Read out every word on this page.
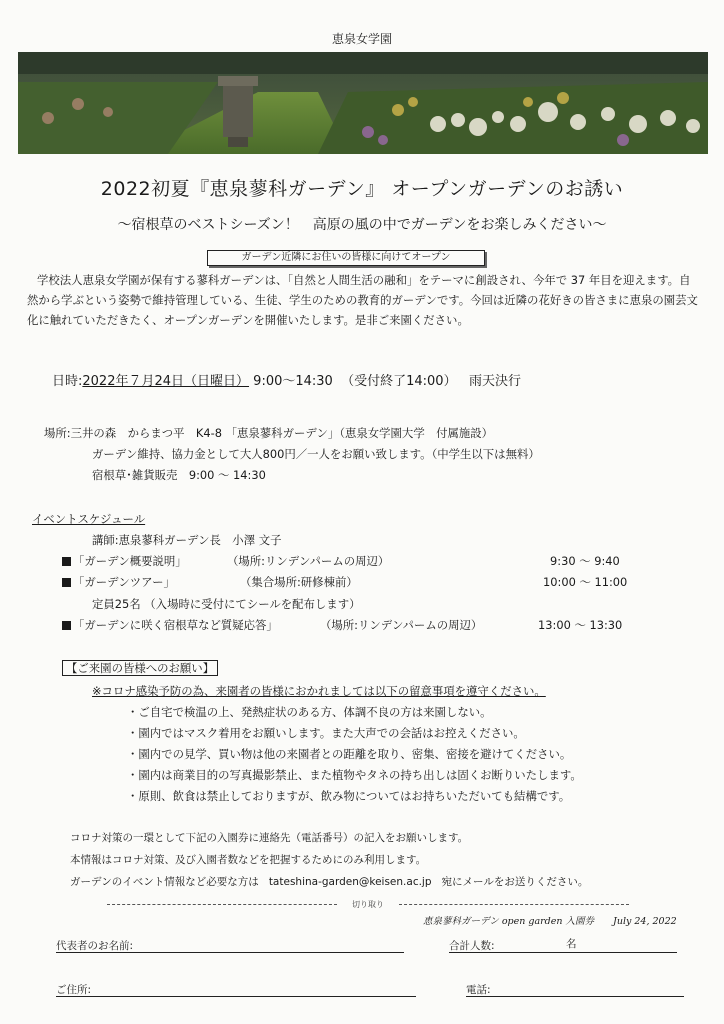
恵泉女学園
2022初夏『恵泉蓼科ガーデン』 オープンガーデンのお誘い
〜宿根草のベストシーズン！　高原の風の中でガーデンをお楽しみください〜
ガーデン近隣にお住いの皆様に向けてオープン
学校法人恵泉女学園が保有する蓼科ガーデンは、「自然と人間生活の融和」をテーマに創設され、今年で 37 年目を迎えます。自然から学ぶという姿勢で維持管理している、生徒、学生のための教育的ガーデンです。今回は近隣の花好きの皆さまに恵泉の園芸文化に触れていただきたく、オープンガーデンを開催いたします。是非ご来園ください。
日時:2022年７月24日（日曜日） 9:00〜14:30 （受付終了14:00） 雨天決行
場所:三井の森　からまつ平　K4-8 「恵泉蓼科ガーデン」（恵泉女学園大学　付属施設）
ガーデン維持、協力金として大人800円／一人をお願い致します。（中学生以下は無料）
宿根草･雑貨販売　9:00 〜 14:30
イベントスケジュール
講師:恵泉蓼科ガーデン長　小澤 文子
「ガーデン概要説明」	（場所:リンデンパームの周辺）	9:30 〜 9:40
「ガーデンツアー」	（集合場所:研修棟前）	10:00 〜 11:00
定員25名 （入場時に受付にてシールを配布します）
「ガーデンに咲く宿根草など質疑応答」	（場所:リンデンパームの周辺）	13:00 〜 13:30
【ご来園の皆様へのお願い】
※コロナ感染予防の為、来園者の皆様におかれましては以下の留意事項を遵守ください。
・ご自宅で検温の上、発熱症状のある方、体調不良の方は来園しない。
・園内ではマスク着用をお願いします。また大声での会話はお控えください。
・園内での見学、買い物は他の来園者との距離を取り、密集、密接を避けてください。
・園内は商業目的の写真撮影禁止、また植物やタネの持ち出しは固くお断りいたします。
・原則、飲食は禁止しておりますが、飲み物についてはお持ちいただいても結構です。
コロナ対策の一環として下記の入園券に連絡先（電話番号）の記入をお願いします。
本情報はコロナ対策、及び入園者数などを把握するためにのみ利用します。
ガーデンのイベント情報など必要な方は tateshina-garden@keisen.ac.jp 宛にメールをお送りください。
切り取り
恵泉蓼科ガーデン open garden 入園券　　July 24, 2022
代表者のお名前:	合計人数:	名
ご住所:	電話:
